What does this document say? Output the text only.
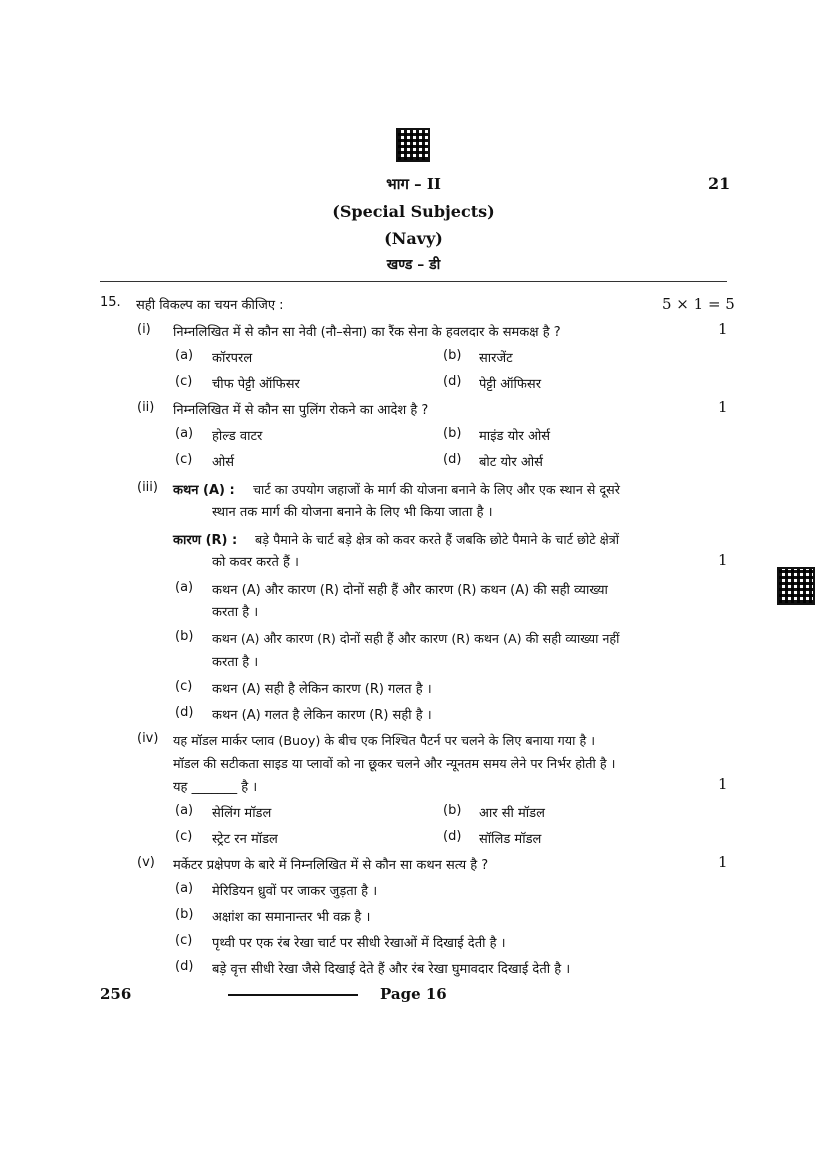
भाग – II	21
(Special Subjects)
(Navy)
खण्ड – डी
15. सही विकल्प का चयन कीजिए :	5 × 1 = 5
(i) निम्नलिखित में से कौन सा नेवी (नौ–सेना) का रैंक सेना के हवलदार के समकक्ष है ?	1
(a) कॉरपरल	(b) सारजेंट
(c) चीफ पेट्टी ऑफिसर	(d) पेट्टी ऑफिसर
(ii) निम्नलिखित में से कौन सा पुलिंग रोकने का आदेश है ?	1
(a) होल्ड वाटर	(b) माइंड योर ओर्स
(c) ओर्स	(d) बोट योर ओर्स
(iii) कथन (A) : चार्ट का उपयोग जहाजों के मार्ग की योजना बनाने के लिए और एक स्थान से दूसरे
स्थान तक मार्ग की योजना बनाने के लिए भी किया जाता है ।
कारण (R) : बड़े पैमाने के चार्ट बड़े क्षेत्र को कवर करते हैं जबकि छोटे पैमाने के चार्ट छोटे क्षेत्रों
को कवर करते हैं ।	1
(a) कथन (A) और कारण (R) दोनों सही हैं और कारण (R) कथन (A) की सही व्याख्या
करता है ।
(b) कथन (A) और कारण (R) दोनों सही हैं और कारण (R) कथन (A) की सही व्याख्या नहीं
करता है ।
(c) कथन (A) सही है लेकिन कारण (R) गलत है ।
(d) कथन (A) गलत है लेकिन कारण (R) सही है ।
(iv) यह मॉडल मार्कर प्लाव (Buoy) के बीच एक निश्चित पैटर्न पर चलने के लिए बनाया गया है ।
मॉडल की सटीकता साइड या प्लावों को ना छूकर चलने और न्यूनतम समय लेने पर निर्भर होती है ।
यह _______ है ।	1
(a) सेलिंग मॉडल	(b) आर सी मॉडल
(c) स्ट्रेट रन मॉडल	(d) सॉलिड मॉडल
(v) मर्केटर प्रक्षेपण के बारे में निम्नलिखित में से कौन सा कथन सत्य है ?	1
(a) मेरिडियन ध्रुवों पर जाकर जुड़ता है ।
(b) अक्षांश का समानान्तर भी वक्र है ।
(c) पृथ्वी पर एक रंब रेखा चार्ट पर सीधी रेखाओं में दिखाई देती है ।
(d) बड़े वृत्त सीधी रेखा जैसे दिखाई देते हैं और रंब रेखा घुमावदार दिखाई देती है ।
256	Page 16
